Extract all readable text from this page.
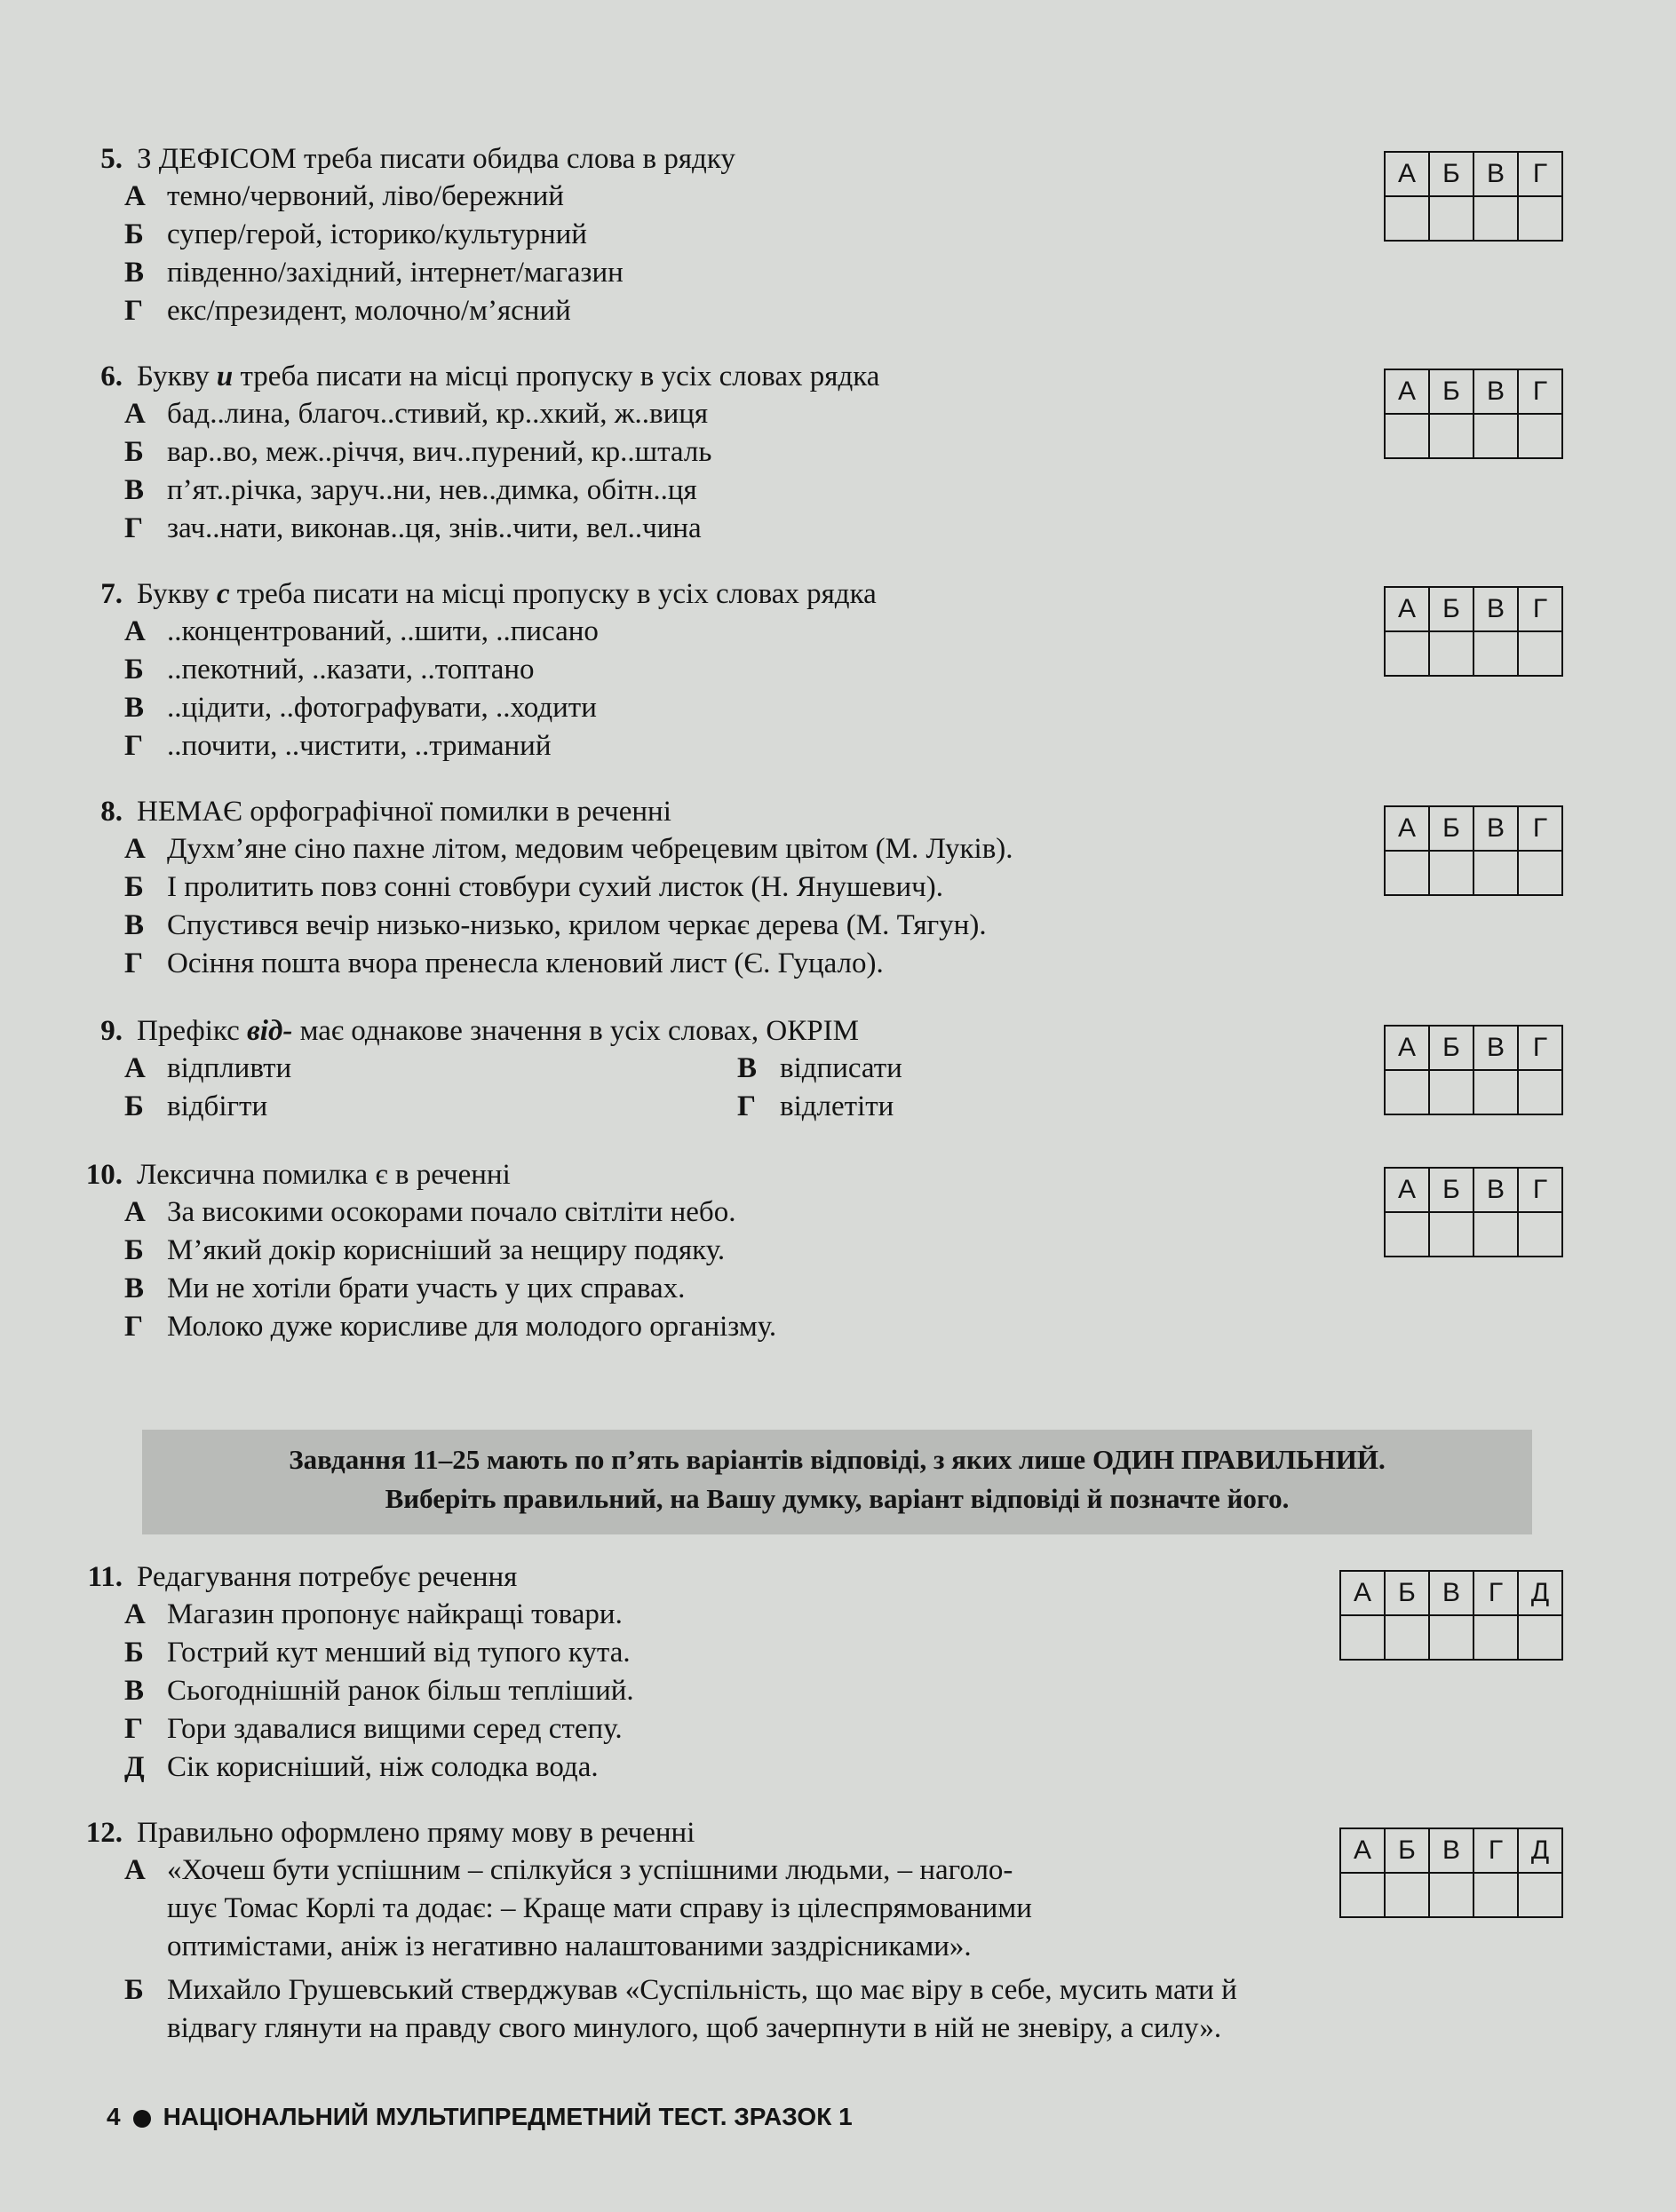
5. З ДЕФІСОМ треба писати обидва слова в рядку
А темно/червоний, ліво/бережний
Б супер/герой, історико/культурний
В південно/західний, інтернет/магазин
Г екс/президент, молочно/м’ясний
А	Б	В	Г

6. Букву и треба писати на місці пропуску в усіх словах рядка
А бад..лина, благоч..стивий, кр..хкий, ж..виця
Б вар..во, меж..річчя, вич..пурений, кр..шталь
В п’ят..річка, заруч..ни, нев..димка, обітн..ця
Г зач..нати, виконав..ця, знів..чити, вел..чина
А	Б	В	Г

7. Букву с треба писати на місці пропуску в усіх словах рядка
А ..концентрований, ..шити, ..писано
Б ..пекотний, ..казати, ..топтано
В ..цідити, ..фотографувати, ..ходити
Г ..почити, ..чистити, ..триманий
А	Б	В	Г

8. НЕМАЄ орфографічної помилки в реченні
А Духм’яне сіно пахне літом, медовим чебрецевим цвітом (М. Луків).
Б І пролитить повз сонні стовбури сухий листок (Н. Янушевич).
В Спустився вечір низько-низько, крилом черкає дерева (М. Тягун).
Г Осіння пошта вчора пренесла кленовий лист (Є. Гуцало).
А	Б	В	Г

9. Префікс від- має однакове значення в усіх словах, ОКРІМ
А відпливти	В відписати
Б відбігти	Г відлетіти
А	Б	В	Г

10. Лексична помилка є в реченні
А За високими осокорами почало світліти небо.
Б М’який докір корисніший за нещиру подяку.
В Ми не хотіли брати участь у цих справах.
Г Молоко дуже корисливе для молодого організму.
А	Б	В	Г

Завдання 11–25 мають по п’ять варіантів відповіді, з яких лише ОДИН ПРАВИЛЬНИЙ.
Виберіть правильний, на Вашу думку, варіант відповіді й позначте його.
11. Редагування потребує речення
А Магазин пропонує найкращі товари.
Б Гострий кут менший від тупого кута.
В Сьогоднішній ранок більш тепліший.
Г Гори здавалися вищими серед степу.
Д Сік корисніший, ніж солодка вода.
А	Б	В	Г	Д

12. Правильно оформлено пряму мову в реченні
А «Хочеш бути успішним – спілкуйся з успішними людьми, – наголо-
шує Томас Корлі та додає: – Краще мати справу із цілеспрямованими
оптимістами, аніж із негативно налаштованими заздрісниками».
Б Михайло Грушевський стверджував «Суспільність, що має віру в себе, мусить мати й
відвагу глянути на правду свого минулого, щоб зачерпнути в ній не зневіру, а силу».
А	Б	В	Г	Д

4 НАЦІОНАЛЬНИЙ МУЛЬТИПРЕДМЕТНИЙ ТЕСТ. ЗРАЗОК 1
